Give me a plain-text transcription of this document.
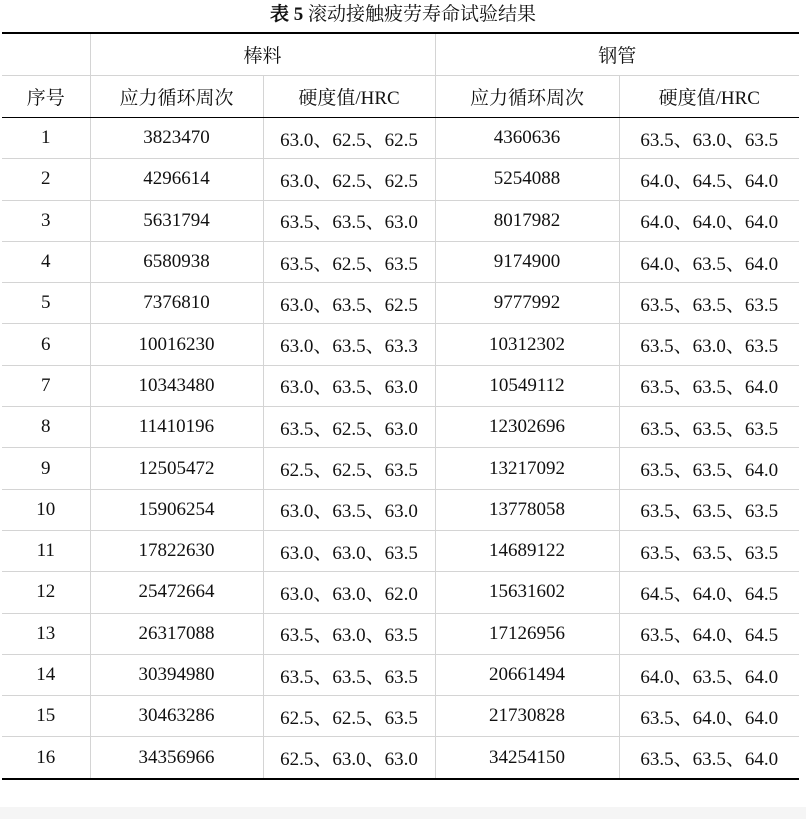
表 5 滚动接触疲劳寿命试验结果
	棒料		钢管	
序号	应力循环周次	硬度值/HRC	应力循环周次	硬度值/HRC
1	3823470	63.0、62.5、62.5	4360636	63.5、63.0、63.5
2	4296614	63.0、62.5、62.5	5254088	64.0、64.5、64.0
3	5631794	63.5、63.5、63.0	8017982	64.0、64.0、64.0
4	6580938	63.5、62.5、63.5	9174900	64.0、63.5、64.0
5	7376810	63.0、63.5、62.5	9777992	63.5、63.5、63.5
6	10016230	63.0、63.5、63.3	10312302	63.5、63.0、63.5
7	10343480	63.0、63.5、63.0	10549112	63.5、63.5、64.0
8	11410196	63.5、62.5、63.0	12302696	63.5、63.5、63.5
9	12505472	62.5、62.5、63.5	13217092	63.5、63.5、64.0
10	15906254	63.0、63.5、63.0	13778058	63.5、63.5、63.5
11	17822630	63.0、63.0、63.5	14689122	63.5、63.5、63.5
12	25472664	63.0、63.0、62.0	15631602	64.5、64.0、64.5
13	26317088	63.5、63.0、63.5	17126956	63.5、64.0、64.5
14	30394980	63.5、63.5、63.5	20661494	64.0、63.5、64.0
15	30463286	62.5、62.5、63.5	21730828	63.5、64.0、64.0
16	34356966	62.5、63.0、63.0	34254150	63.5、63.5、64.0
